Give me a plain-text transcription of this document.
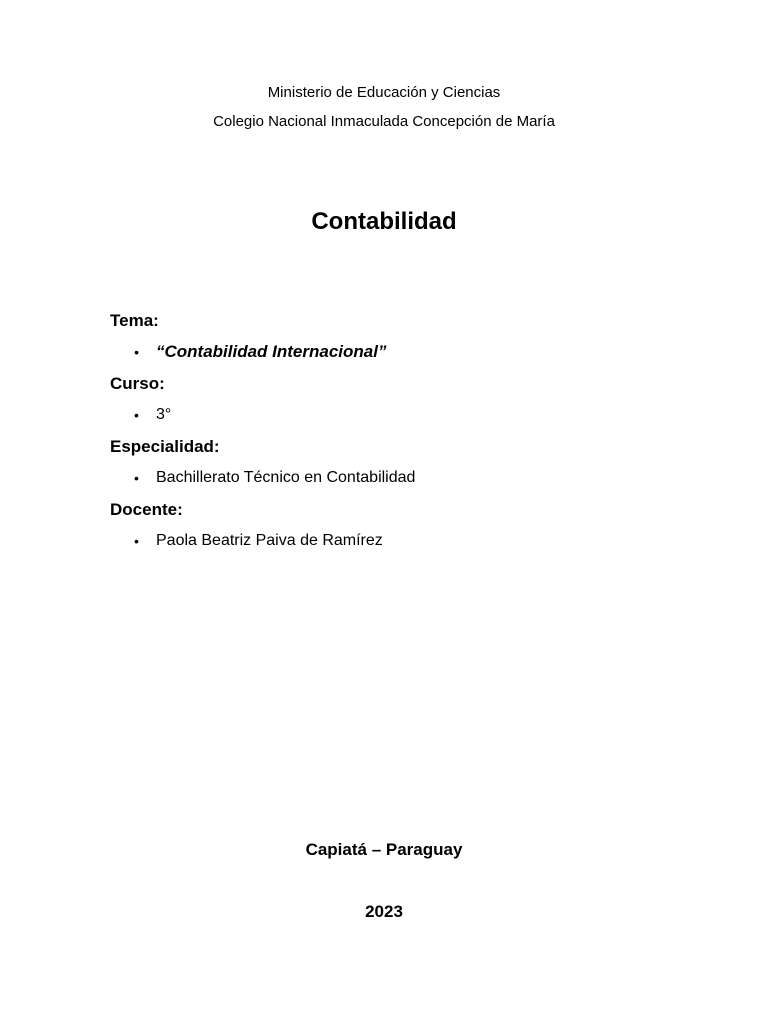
Ministerio de Educación y Ciencias
Colegio Nacional Inmaculada Concepción de María
Contabilidad
Tema:
• “Contabilidad Internacional”
Curso:
• 3°
Especialidad:
• Bachillerato Técnico en Contabilidad
Docente:
• Paola Beatriz Paiva de Ramírez
Capiatá – Paraguay
2023
